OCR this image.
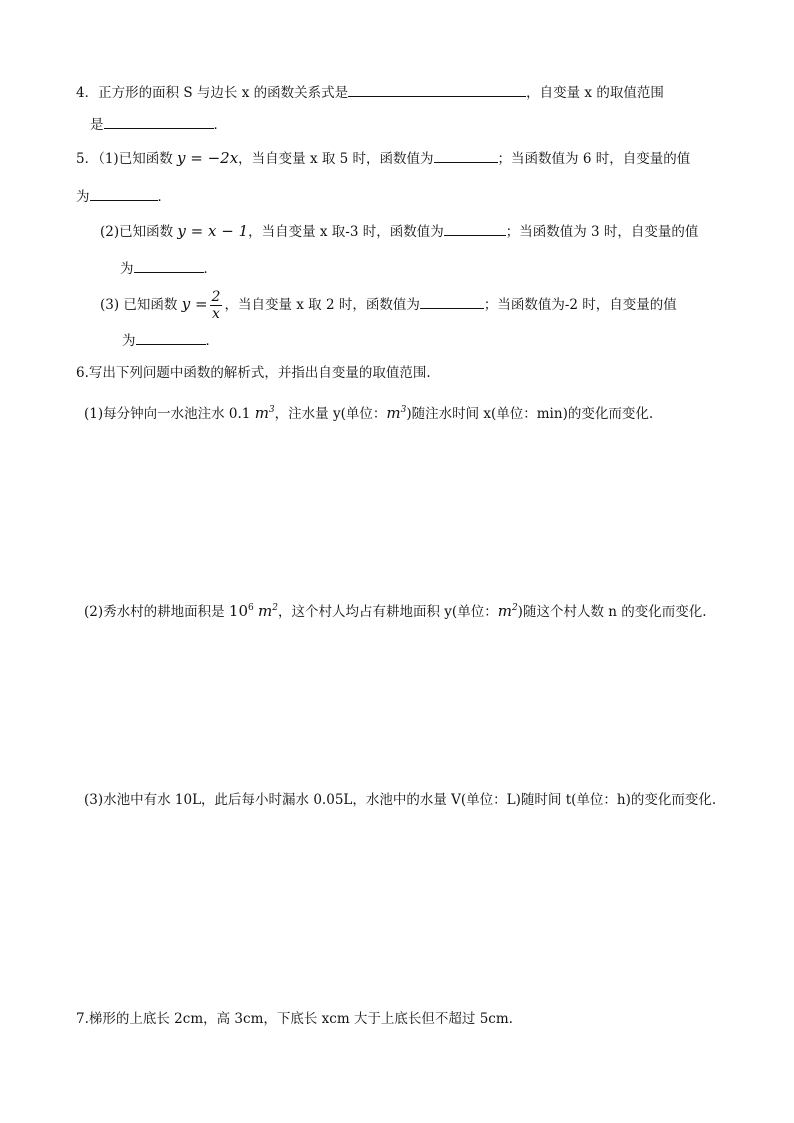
4．正方形的面积 S 与边长 x 的函数关系式是	，自变量 x 的取值范围
是	．
5．（1)已知函数 y = −2x，当自变量 x 取 5 时，函数值为	；当函数值为 6 时，自变量的值
为	．
(2)已知函数 y = x − 1，当自变量 x 取-3 时，函数值为	；当函数值为 3 时，自变量的值
为	．
(3) 已知函数 $y = \frac{2}{x}$ ，当自变量 x 取 2 时，函数值为	；当函数值为-2 时，自变量的值
为	．
6.写出下列问题中函数的解析式，并指出自变量的取值范围.
(1)每分钟向一水池注水 0.1 $m^3$，注水量 y(单位：$m^3$)随注水时间 x(单位：min)的变化而变化.
(2)秀水村的耕地面积是 $10^6$ $m^2$，这个村人均占有耕地面积 y(单位：$m^2$)随这个村人数 n 的变化而变化.
(3)水池中有水 10L，此后每小时漏水 0.05L，水池中的水量 V(单位：L)随时间 t(单位：h)的变化而变化.
7.梯形的上底长 2cm，高 3cm，下底长 xcm 大于上底长但不超过 5cm.
